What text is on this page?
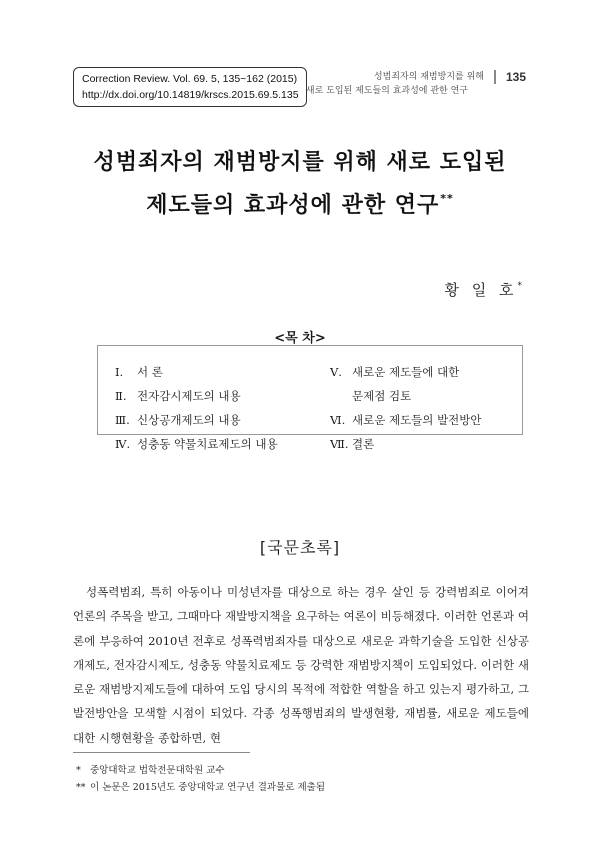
Correction Review. Vol. 69. 5, 135~162 (2015)
http://dx.doi.org/10.14819/krscs.2015.69.5.135
성범죄자의 재범방지를 위해 135
새로 도입된 제도들의 효과성에 관한 연구
성범죄자의 재범방지를 위해 새로 도입된
제도들의 효과성에 관한 연구**
황 일 호*
<목 차>
Ⅰ. 서 론
Ⅱ. 전자감시제도의 내용
Ⅲ. 신상공개제도의 내용
Ⅳ. 성충동 약물치료제도의 내용
Ⅴ. 새로운 제도들에 대한
문제점 검토
Ⅵ. 새로운 제도들의 발전방안
Ⅶ. 결론
[국문초록]
성폭력범죄, 특히 아동이나 미성년자를 대상으로 하는 경우 살인 등 강력범죄로 이어져 언론의 주목을 받고, 그때마다 재발방지책을 요구하는 여론이 비등해졌다. 이러한 언론과 여론에 부응하여 2010년 전후로 성폭력범죄자를 대상으로 새로운 과학기술을 도입한 신상공개제도, 전자감시제도, 성충동 약물치료제도 등 강력한 재범방지책이 도입되었다. 이러한 새로운 재범방지제도들에 대하여 도입 당시의 목적에 적합한 역할을 하고 있는지 평가하고, 그 발전방안을 모색할 시점이 되었다. 각종 성폭행범죄의 발생현황, 재범률, 새로운 제도들에 대한 시행현황을 종합하면, 현
* 중앙대학교 법학전문대학원 교수
** 이 논문은 2015년도 중앙대학교 연구년 결과물로 제출됨
